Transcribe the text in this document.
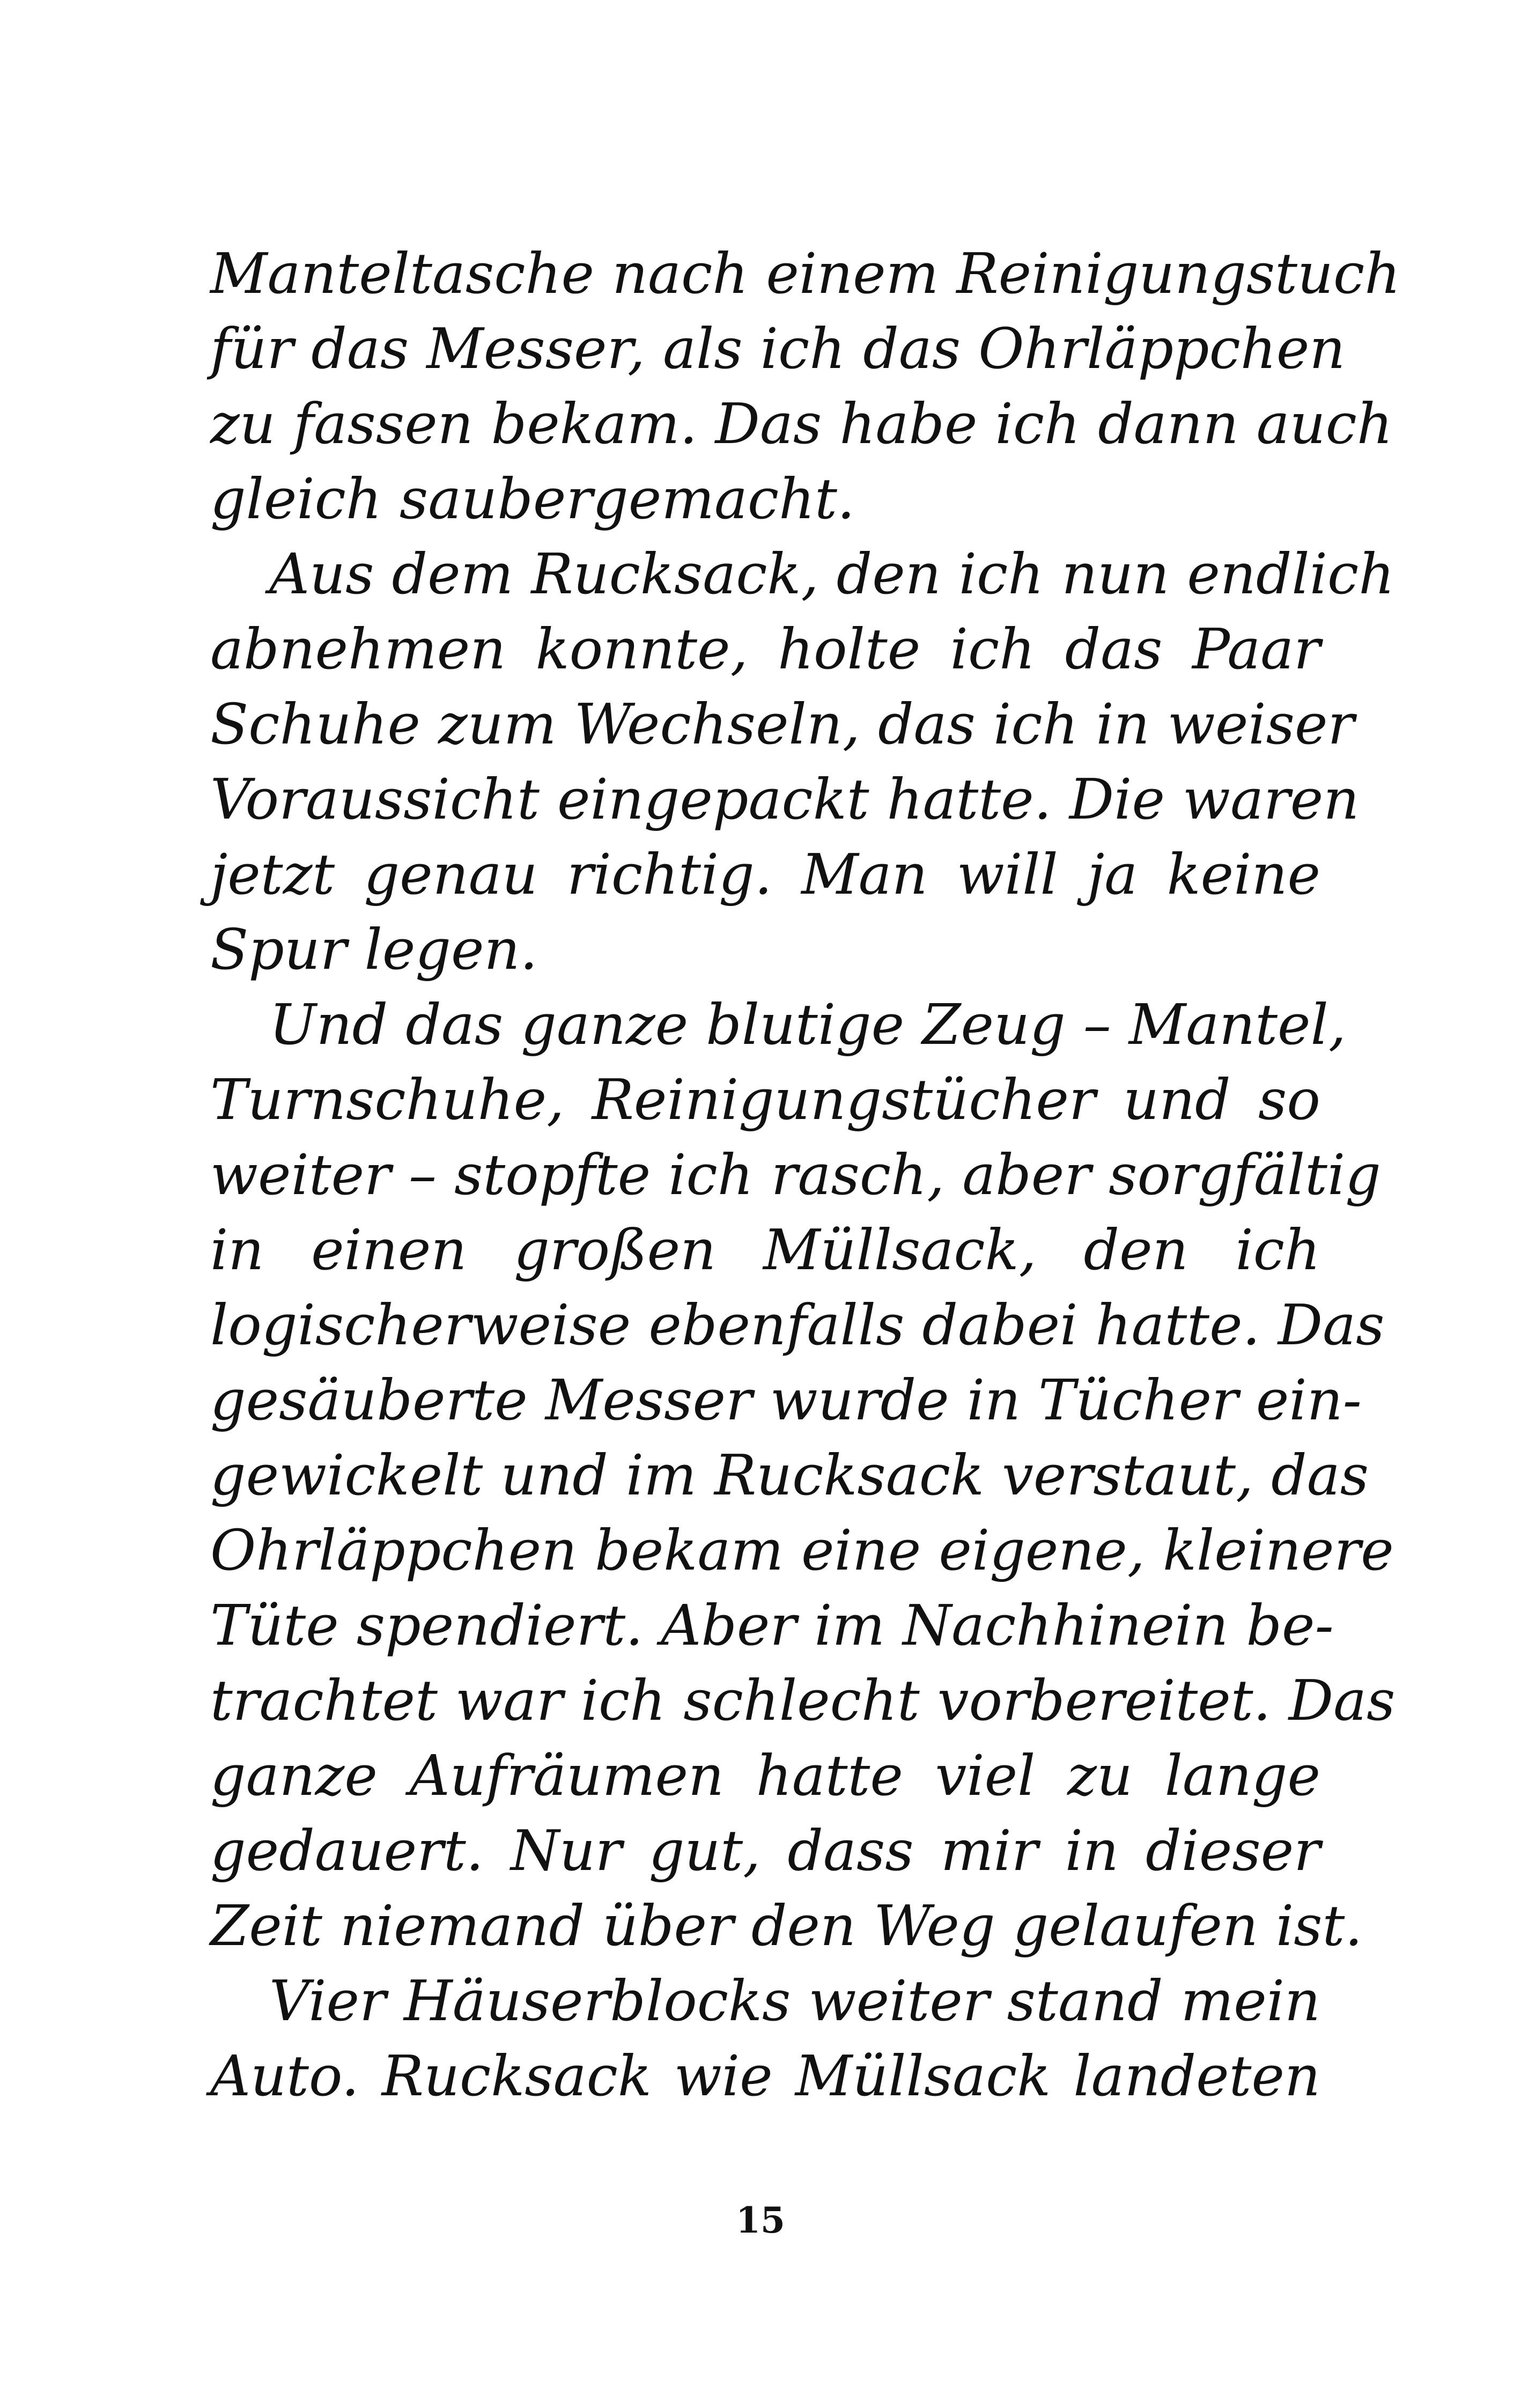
Manteltasche nach einem Reinigungstuch
für das Messer, als ich das Ohrläppchen
zu fassen bekam. Das habe ich dann auch
gleich saubergemacht.
Aus dem Rucksack, den ich nun endlich
abnehmen konnte, holte ich das Paar
Schuhe zum Wechseln, das ich in weiser
Voraussicht eingepackt hatte. Die waren
jetzt genau richtig. Man will ja keine
Spur legen.
Und das ganze blutige Zeug – Mantel,
Turnschuhe, Reinigungstücher und so
weiter – stopfte ich rasch, aber sorgfältig
in einen großen Müllsack, den ich
logischerweise ebenfalls dabei hatte. Das
gesäuberte Messer wurde in Tücher ein-
gewickelt und im Rucksack verstaut, das
Ohrläppchen bekam eine eigene, kleinere
Tüte spendiert. Aber im Nachhinein be-
trachtet war ich schlecht vorbereitet. Das
ganze Aufräumen hatte viel zu lange
gedauert. Nur gut, dass mir in dieser
Zeit niemand über den Weg gelaufen ist.
Vier Häuserblocks weiter stand mein
Auto. Rucksack wie Müllsack landeten
15
